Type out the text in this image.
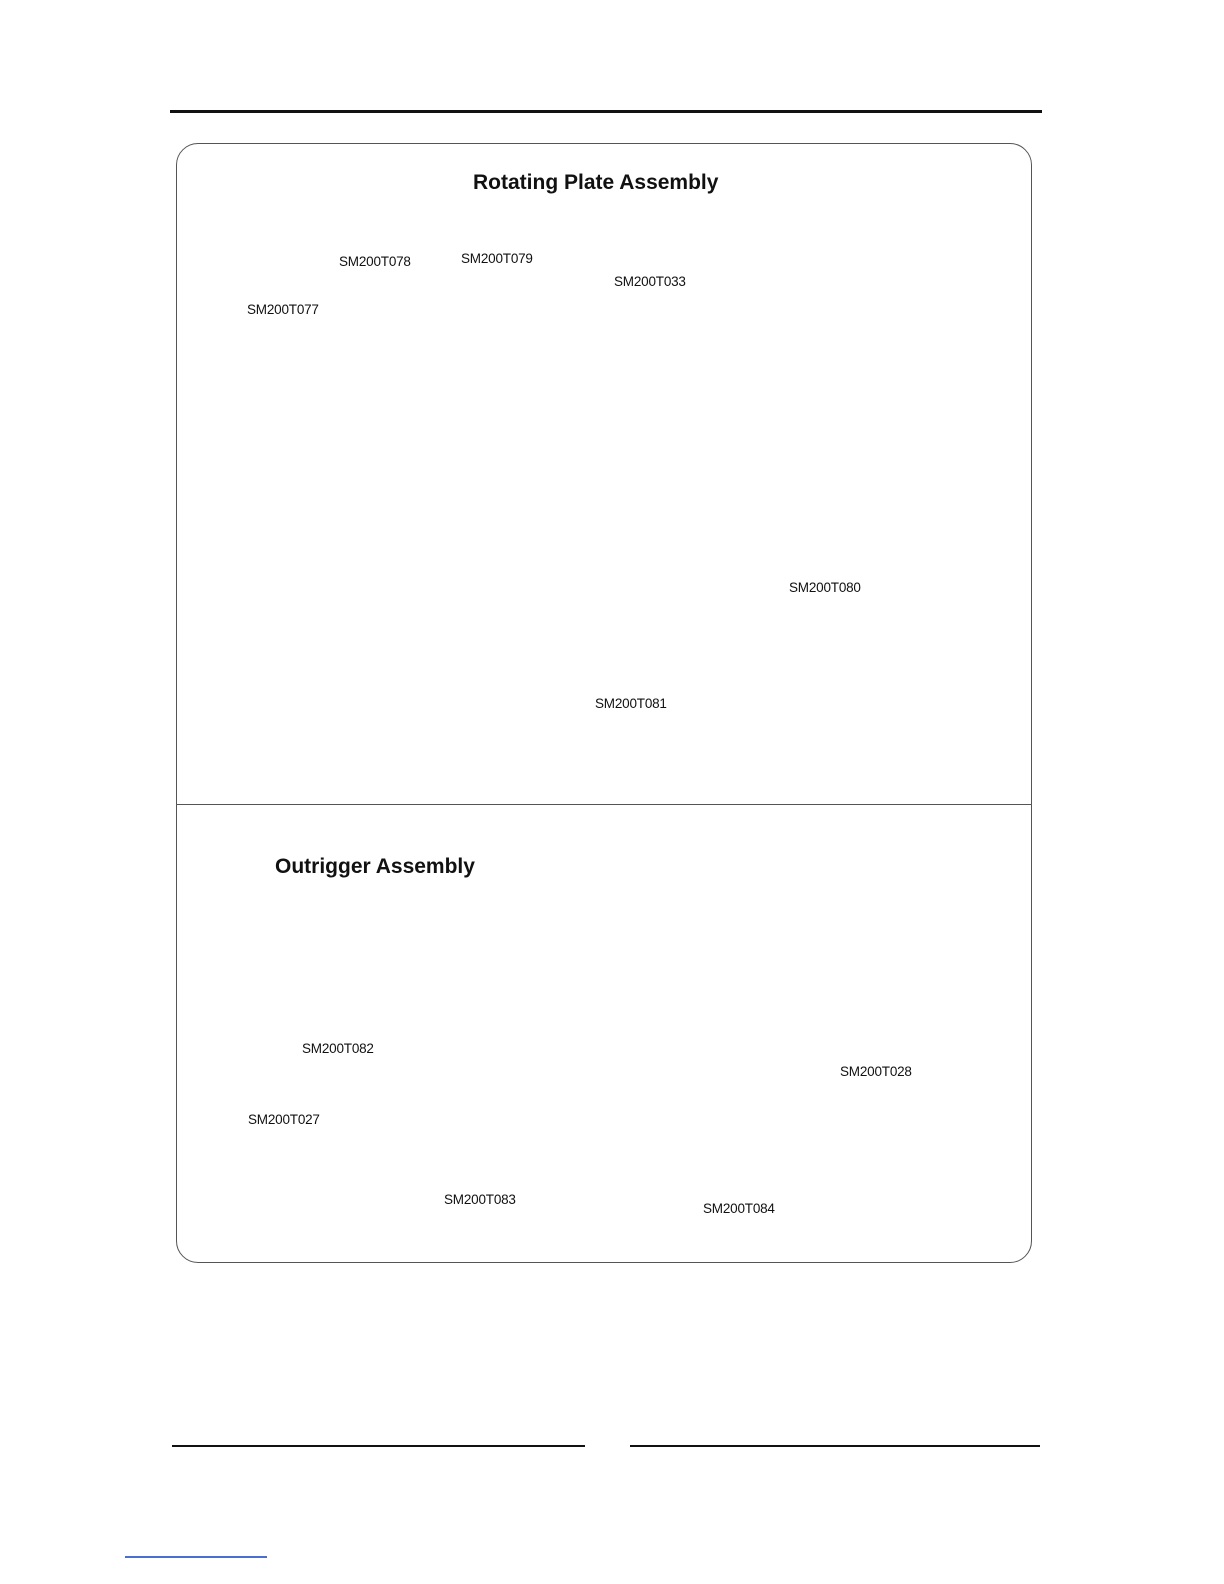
Rotating Plate Assembly
Outrigger Assembly
SM200T077
SM200T078	SM200T079
SM200T033
SM200T080
SM200T081
SM200T082
SM200T027
SM200T028
SM200T083
SM200T084
